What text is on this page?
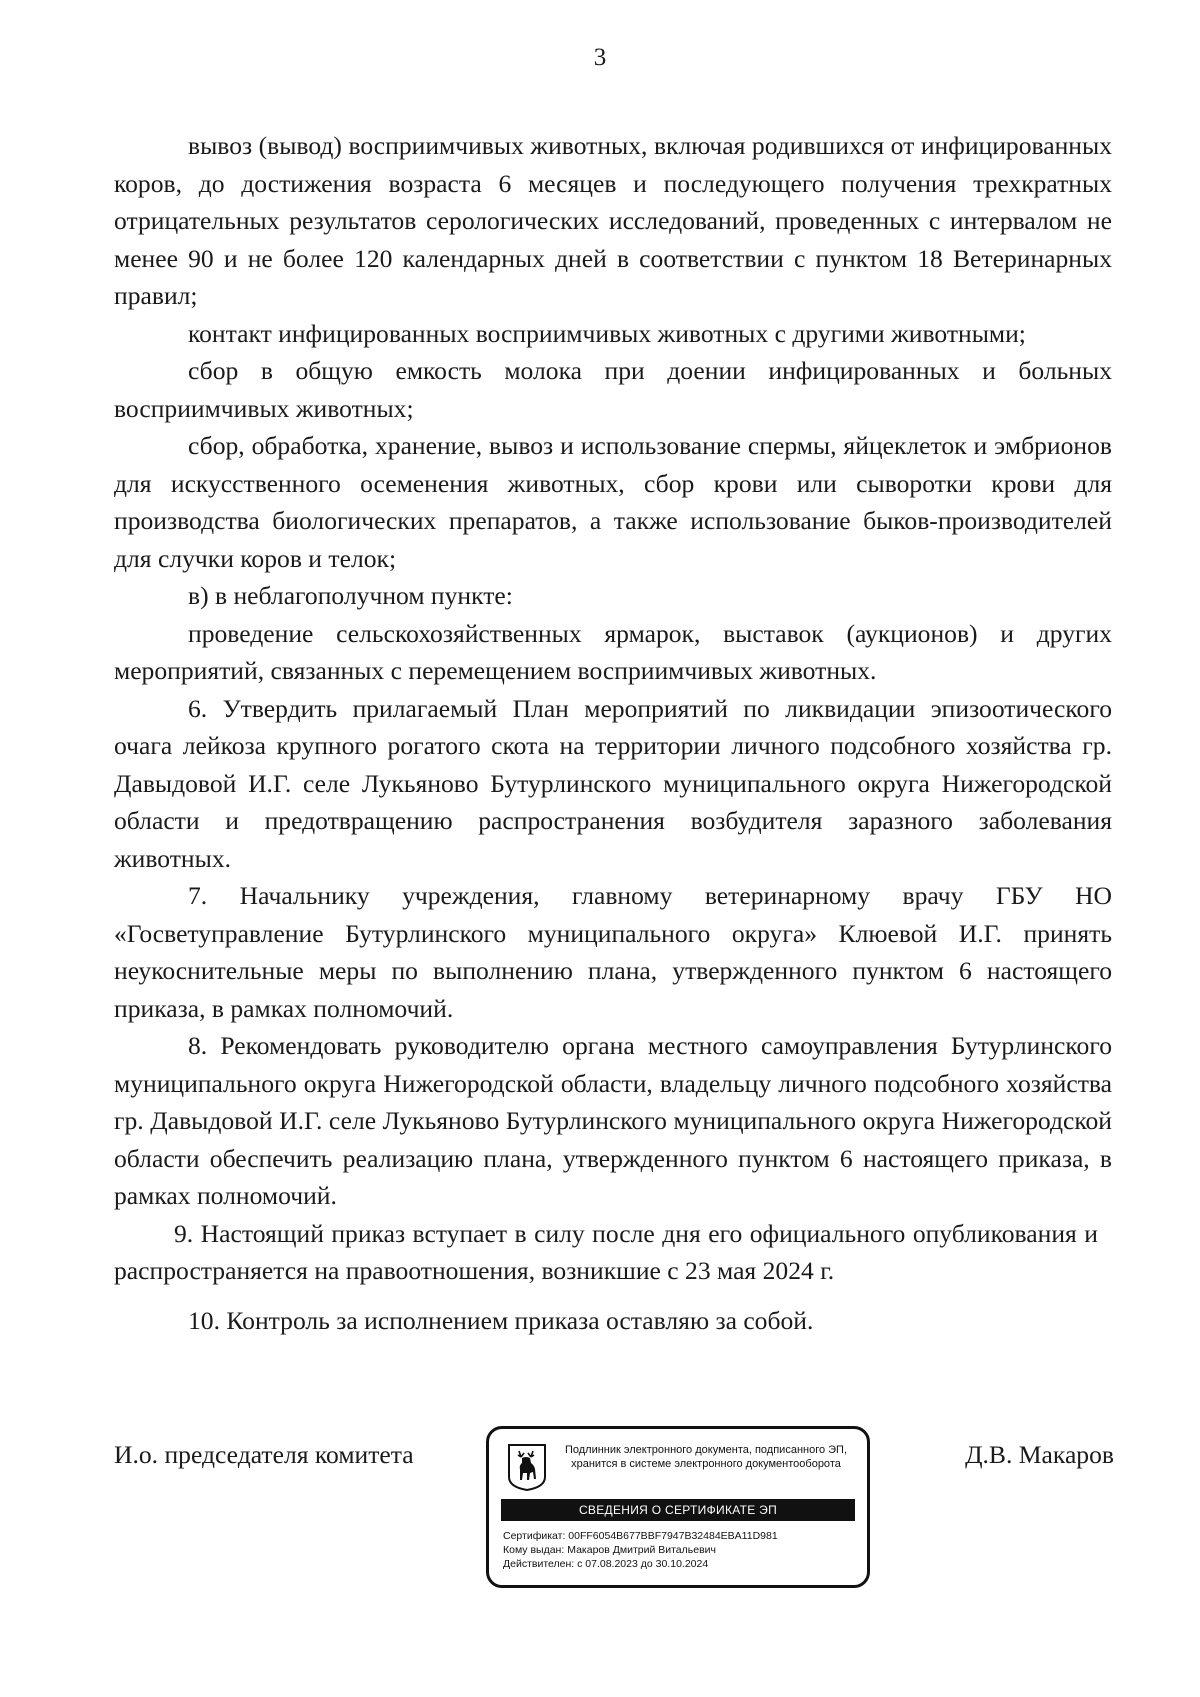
3

вывоз (вывод) восприимчивых животных, включая родившихся от инфицированных коров, до достижения возраста 6 месяцев и последующего получения трехкратных отрицательных результатов серологических исследований, проведенных с интервалом не менее 90 и не более 120 календарных дней в соответствии с пунктом 18 Ветеринарных правил;

контакт инфицированных восприимчивых животных с другими животными;

сбор в общую емкость молока при доении инфицированных и больных восприимчивых животных;

сбор, обработка, хранение, вывоз и использование спермы, яйцеклеток и эмбрионов для искусственного осеменения животных, сбор крови или сыворотки крови для производства биологических препаратов, а также использование быков-производителей для случки коров и телок;

в) в неблагополучном пункте:

проведение сельскохозяйственных ярмарок, выставок (аукционов) и других мероприятий, связанных с перемещением восприимчивых животных.

6. Утвердить прилагаемый План мероприятий по ликвидации эпизоотического очага лейкоза крупного рогатого скота на территории личного подсобного хозяйства гр. Давыдовой И.Г. селе Лукьяново Бутурлинского муниципального округа Нижегородской области и предотвращению распространения возбудителя заразного заболевания животных.

7. Начальнику учреждения, главному ветеринарному врачу ГБУ НО «Госветуправление Бутурлинского муниципального округа» Клюевой И.Г. принять неукоснительные меры по выполнению плана, утвержденного пунктом 6 настоящего приказа, в рамках полномочий.

8. Рекомендовать руководителю органа местного самоуправления Бутурлинского муниципального округа Нижегородской области, владельцу личного подсобного хозяйства гр. Давыдовой И.Г. селе Лукьяново Бутурлинского муниципального округа Нижегородской области обеспечить реализацию плана, утвержденного пунктом 6 настоящего приказа, в рамках полномочий.

9. Настоящий приказ вступает в силу после дня его официального опубликования и распространяется на правоотношения, возникшие с 23 мая 2024 г.

10. Контроль за исполнением приказа оставляю за собой.

И.о. председателя комитета	Подлинник электронного документа, подписанного ЭП,
хранится в системе электронного документооборота
СВЕДЕНИЯ О СЕРТИФИКАТЕ ЭП
Сертификат: 00FF6054B677BBF7947B32484EBA11D981
Кому выдан: Макаров Дмитрий Витальевич
Действителен: с 07.08.2023 до 30.10.2024
Д.В. Макаров
